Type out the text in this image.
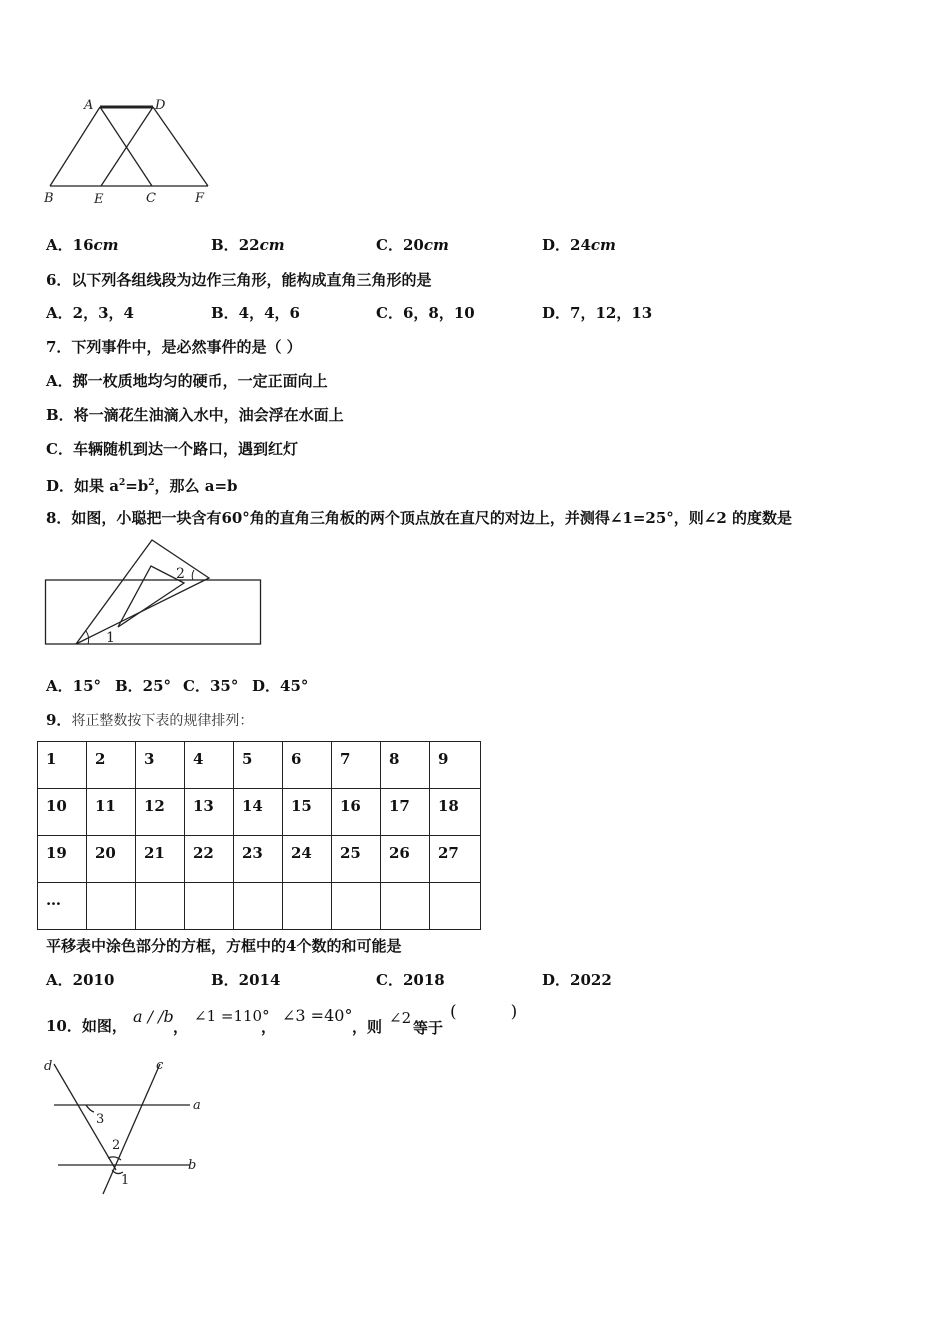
A	D
B	E	C	F
A．16cm	B．22cm	C．20cm	D．24cm
6．以下列各组线段为边作三角形，能构成直角三角形的是
A．2，3，4	B．4，4，6	C．6，8，10	D．7，12，13
7．下列事件中，是必然事件的是（ ）
A．掷一枚质地均匀的硬币，一定正面向上
B．将一滴花生油滴入水中，油会浮在水面上
C．车辆随机到达一个路口，遇到红灯
D．如果 $a^2=b^2$，那么 a=b
8．如图，小聪把一块含有60°角的直角三角板的两个顶点放在直尺的对边上，并测得∠1=25°，则∠2 的度数是
2
1
A．15° B．25° C．35° D．45°
9．将正整数按下表的规律排列：
1	2	3	4	5	6	7	8	9
10	11	12	13	14	15	16	17	18
19	20	21	22	23	24	25	26	27
…								
平移表中涂色部分的方框，方框中的4个数的和可能是
A．2010	B．2014	C．2018	D．2022
10．如图， a / /b
，
∠1 =110°
，
∠3 =40°
，则 ∠2
等于
(          )
d	c
a
b
3
2
1
